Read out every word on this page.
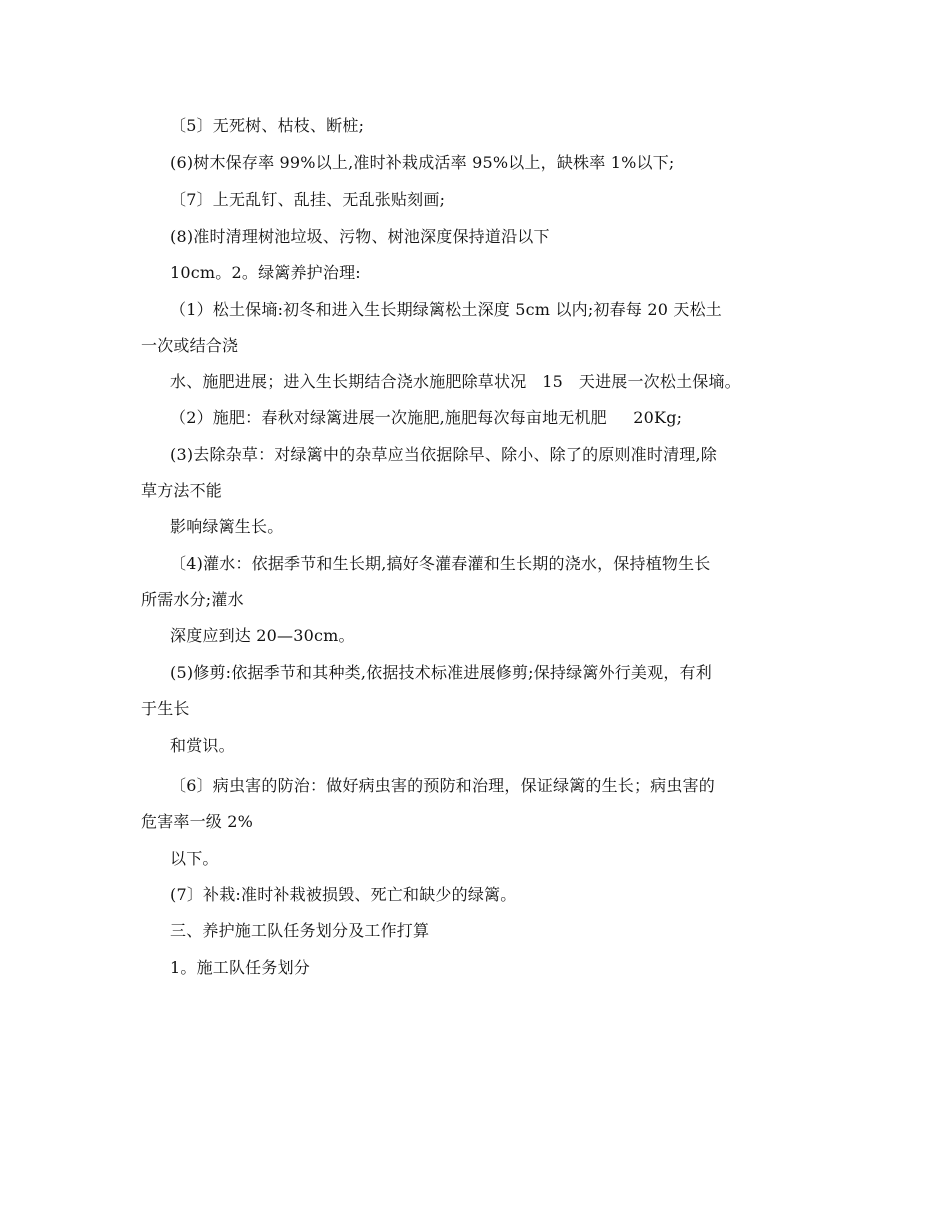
〔5〕无死树、枯枝、断桩;
(6)树木保存率 99%以上,准时补栽成活率 95%以上，缺株率 1%以下;
〔7〕上无乱钉、乱挂、无乱张贴刻画;
(8)准时清理树池垃圾、污物、树池深度保持道沿以下
10cm。2。绿篱养护治理:
（1）松土保墒:初冬和进入生长期绿篱松土深度 5cm 以内;初春每 20 天松土
一次或结合浇
水、施肥进展；进入生长期结合浇水施肥除草状况   15   天进展一次松土保墒。
（2）施肥：春秋对绿篱进展一次施肥,施肥每次每亩地无机肥     20Kg;
(3)去除杂草：对绿篱中的杂草应当依据除早、除小、除了的原则准时清理,除
草方法不能
影响绿篱生长。
〔4)灌水：依据季节和生长期,搞好冬灌春灌和生长期的浇水，保持植物生长
所需水分;灌水
深度应到达 20—30cm。
(5)修剪:依据季节和其种类,依据技术标准进展修剪;保持绿篱外行美观，有利
于生长
和赏识。
〔6〕病虫害的防治：做好病虫害的预防和治理，保证绿篱的生长；病虫害的
危害率一级 2%
以下。
(7〕补栽:准时补栽被损毁、死亡和缺少的绿篱。
三、养护施工队任务划分及工作打算
1。施工队任务划分
